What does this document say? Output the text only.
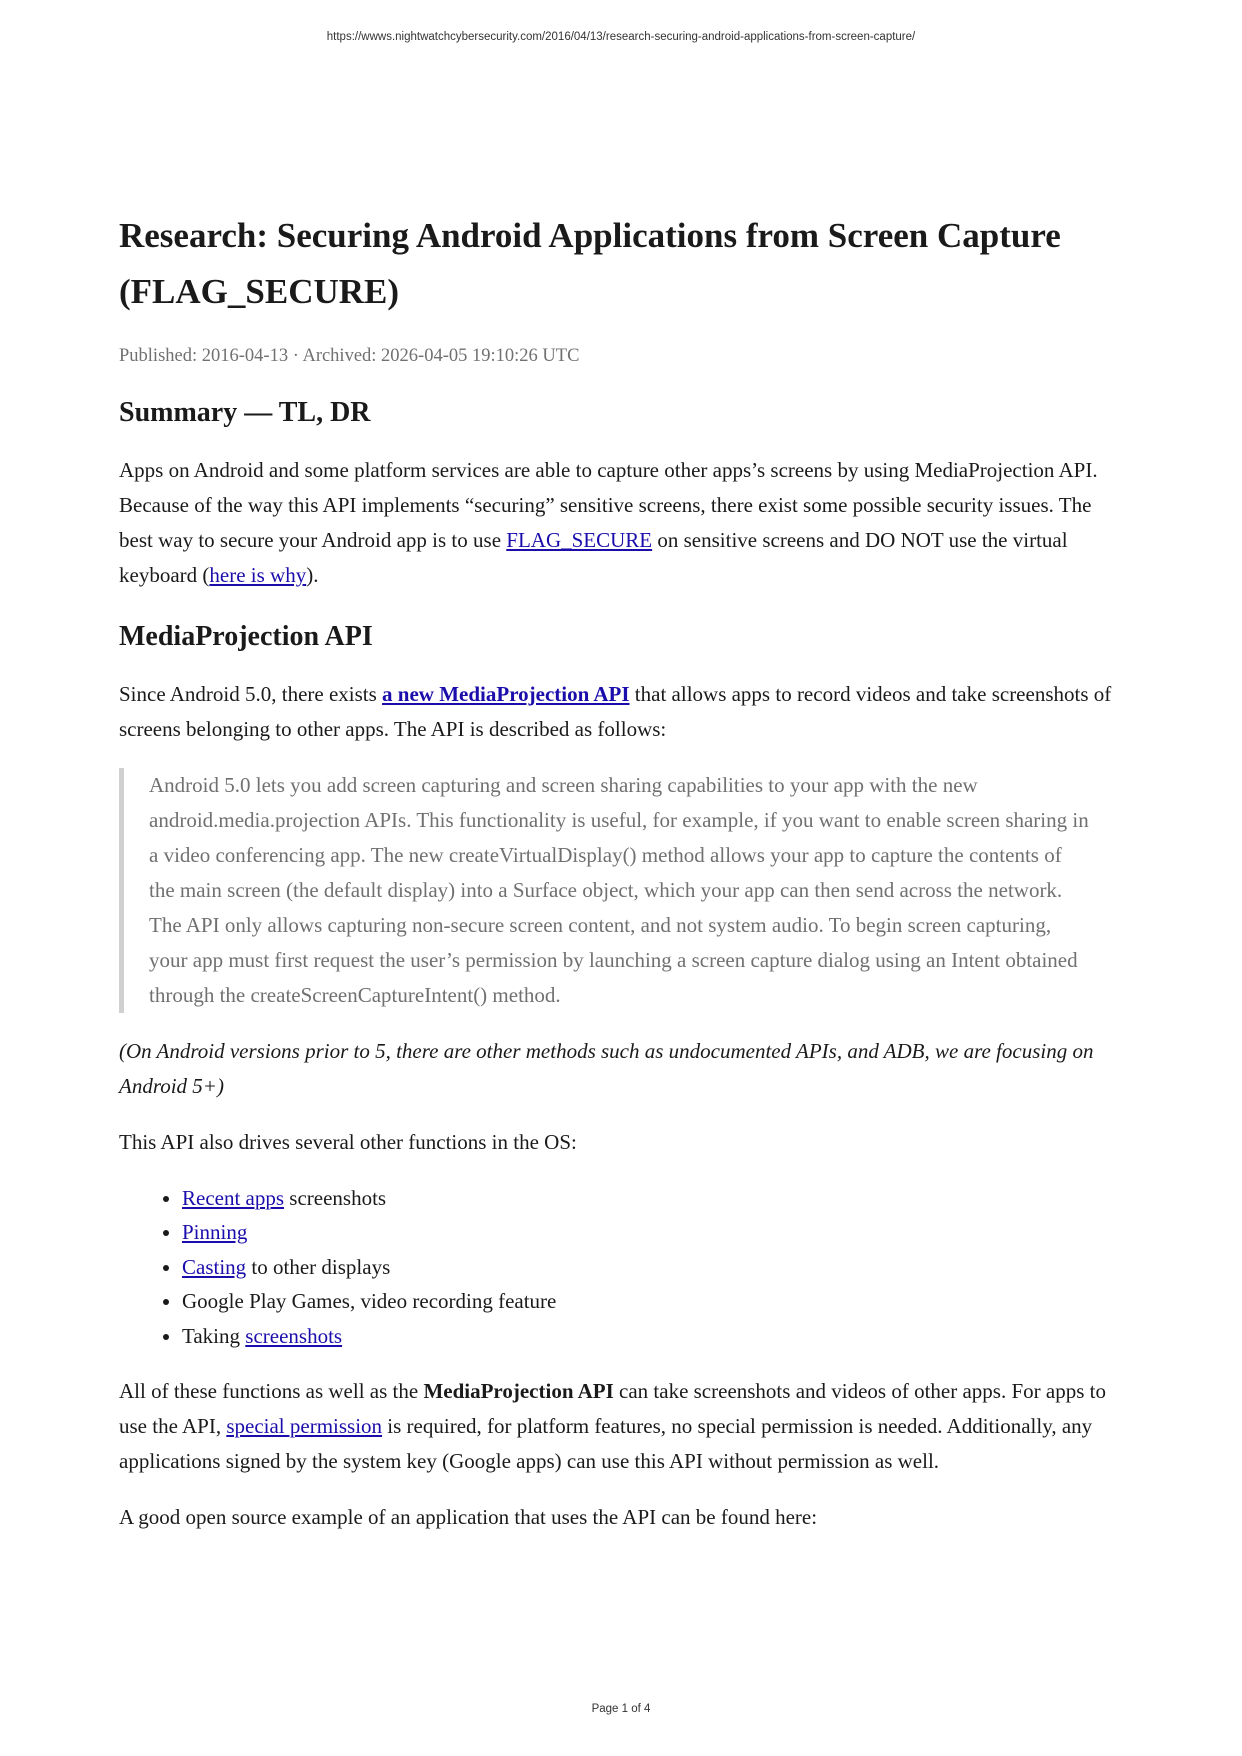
https://wwws.nightwatchcybersecurity.com/2016/04/13/research-securing-android-applications-from-screen-capture/
Research: Securing Android Applications from Screen Capture (FLAG_SECURE)
Published: 2016-04-13 · Archived: 2026-04-05 19:10:26 UTC
Summary — TL, DR

Apps on Android and some platform services are able to capture other apps’s screens by using MediaProjection API. Because of the way this API implements “securing” sensitive screens, there exist some possible security issues. The best way to secure your Android app is to use FLAG_SECURE on sensitive screens and DO NOT use the virtual keyboard (here is why).

MediaProjection API

Since Android 5.0, there exists a new MediaProjection API that allows apps to record videos and take screenshots of screens belonging to other apps. The API is described as follows:

Android 5.0 lets you add screen capturing and screen sharing capabilities to your app with the new android.media.projection APIs. This functionality is useful, for example, if you want to enable screen sharing in a video conferencing app. The new createVirtualDisplay() method allows your app to capture the contents of the main screen (the default display) into a Surface object, which your app can then send across the network. The API only allows capturing non-secure screen content, and not system audio. To begin screen capturing, your app must first request the user’s permission by launching a screen capture dialog using an Intent obtained through the createScreenCaptureIntent() method.

(On Android versions prior to 5, there are other methods such as undocumented APIs, and ADB, we are focusing on Android 5+)

This API also drives several other functions in the OS:

• Recent apps screenshots
• Pinning
• Casting to other displays
• Google Play Games, video recording feature
• Taking screenshots

All of these functions as well as the MediaProjection API can take screenshots and videos of other apps. For apps to use the API, special permission is required, for platform features, no special permission is needed. Additionally, any applications signed by the system key (Google apps) can use this API without permission as well.

A good open source example of an application that uses the API can be found here:

Page 1 of 4
